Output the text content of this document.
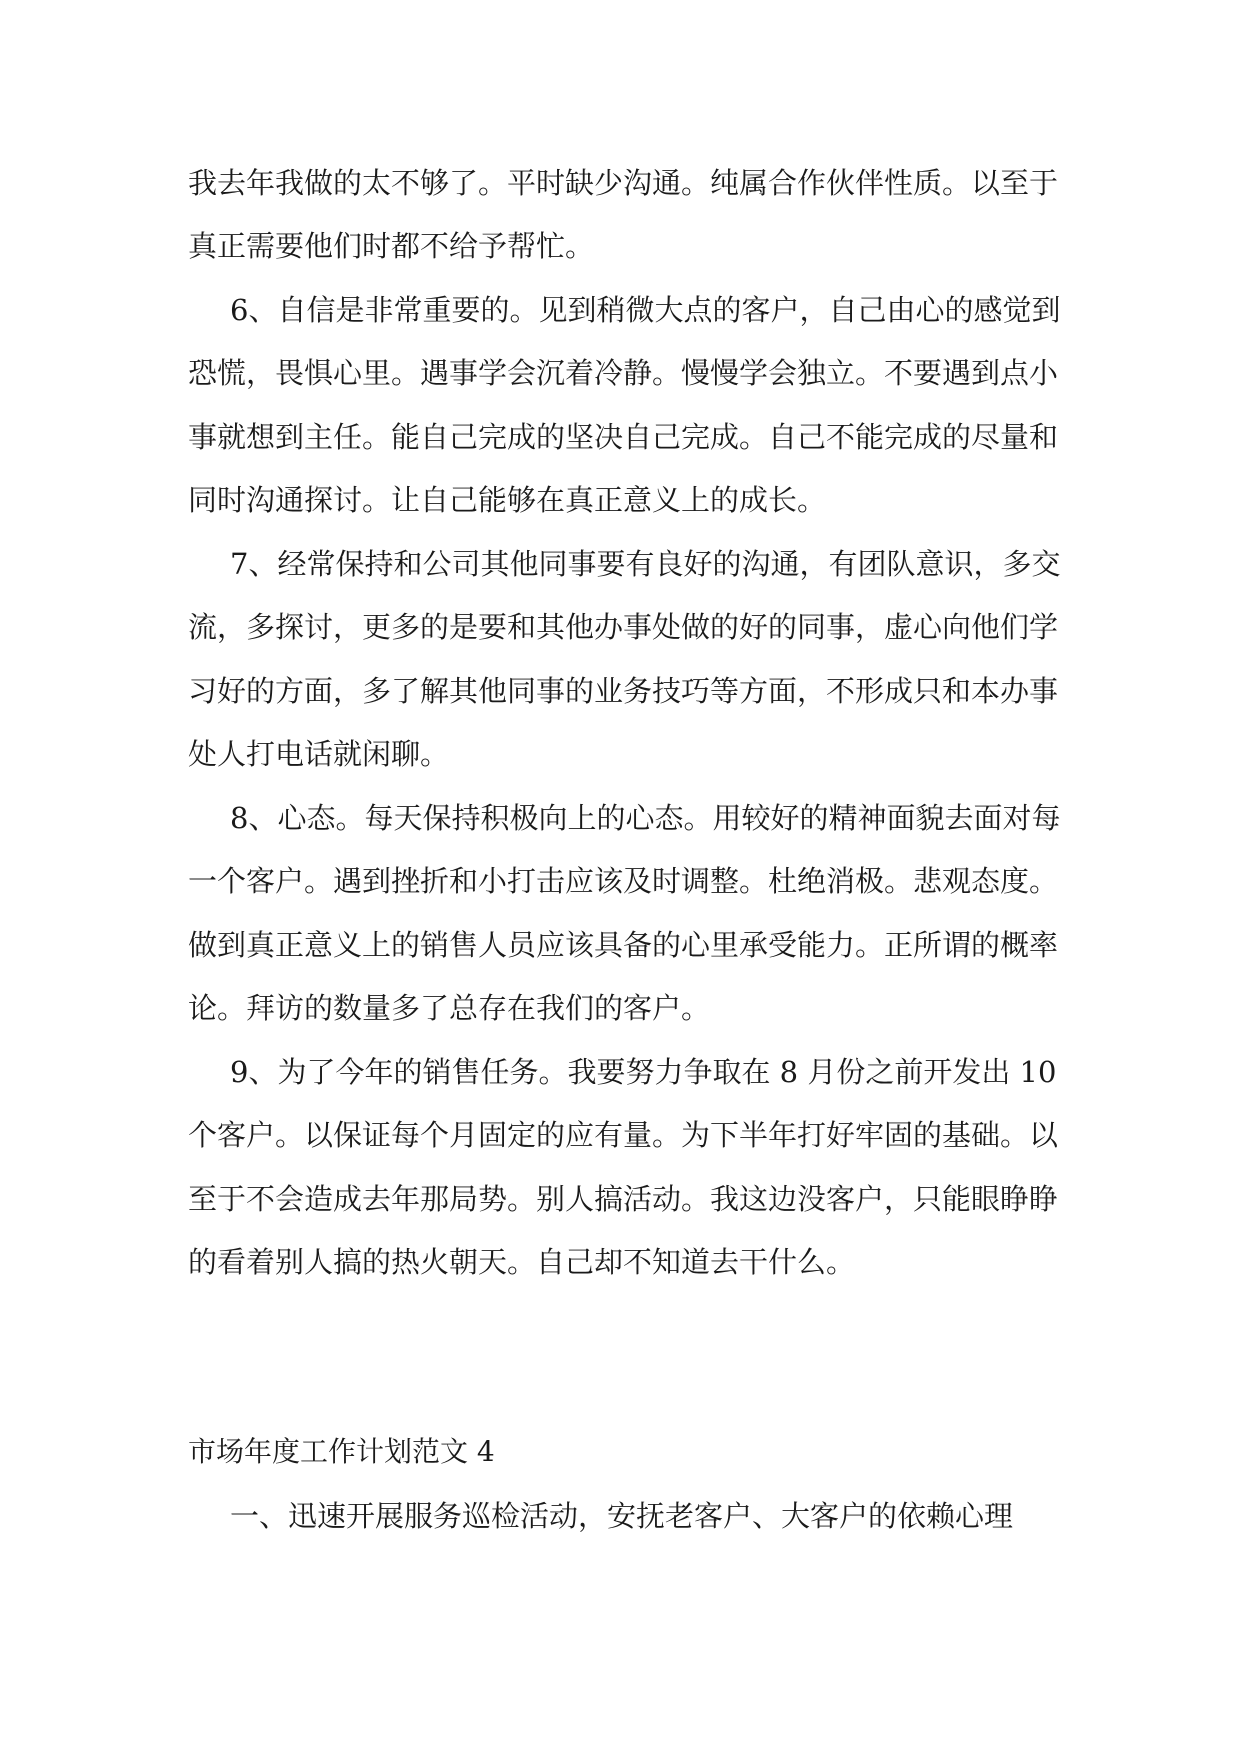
我去年我做的太不够了。平时缺少沟通。纯属合作伙伴性质。以至于
真正需要他们时都不给予帮忙。
6、自信是非常重要的。见到稍微大点的客户，自己由心的感觉到
恐慌，畏惧心里。遇事学会沉着冷静。慢慢学会独立。不要遇到点小
事就想到主任。能自己完成的坚决自己完成。自己不能完成的尽量和
同时沟通探讨。让自己能够在真正意义上的成长。
7、经常保持和公司其他同事要有良好的沟通，有团队意识，多交
流，多探讨，更多的是要和其他办事处做的好的同事，虚心向他们学
习好的方面，多了解其他同事的业务技巧等方面，不形成只和本办事
处人打电话就闲聊。
8、心态。每天保持积极向上的心态。用较好的精神面貌去面对每
一个客户。遇到挫折和小打击应该及时调整。杜绝消极。悲观态度。
做到真正意义上的销售人员应该具备的心里承受能力。正所谓的概率
论。拜访的数量多了总存在我们的客户。
9、为了今年的销售任务。我要努力争取在 8 月份之前开发出 10
个客户。以保证每个月固定的应有量。为下半年打好牢固的基础。以
至于不会造成去年那局势。别人搞活动。我这边没客户，只能眼睁睁
的看着别人搞的热火朝天。自己却不知道去干什么。
市场年度工作计划范文 4
一、迅速开展服务巡检活动，安抚老客户、大客户的依赖心理
